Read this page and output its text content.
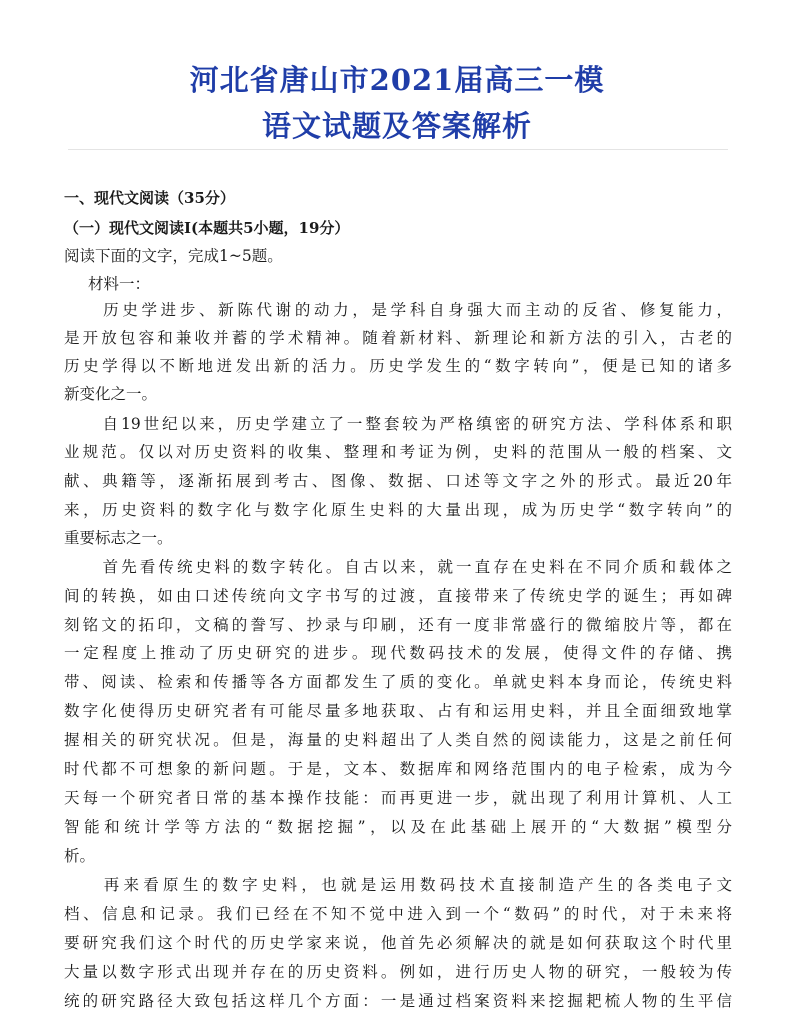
河北省唐山市2021届高三一模
语文试题及答案解析
一、现代文阅读（35分）
（一）现代文阅读Ⅰ(本题共5小题，19分）
阅读下面的文字，完成1~5题。
材料一：
　历史学进步、新陈代谢的动力，是学科自身强大而主动的反省、修复能力，
是开放包容和兼收并蓄的学术精神。随着新材料、新理论和新方法的引入，古老的
历史学得以不断地迸发出新的活力。历史学发生的“数字转向”，便是已知的诸多
新变化之一。
　自19世纪以来，历史学建立了一整套较为严格缜密的研究方法、学科体系和职
业规范。仅以对历史资料的收集、整理和考证为例，史料的范围从一般的档案、文
献、典籍等，逐渐拓展到考古、图像、数据、口述等文字之外的形式。最近20年
来，历史资料的数字化与数字化原生史料的大量出现，成为历史学“数字转向”的
重要标志之一。
　首先看传统史料的数字转化。自古以来，就一直存在史料在不同介质和载体之
间的转换，如由口述传统向文字书写的过渡，直接带来了传统史学的诞生；再如碑
刻铭文的拓印，文稿的誊写、抄录与印刷，还有一度非常盛行的微缩胶片等，都在
一定程度上推动了历史研究的进步。现代数码技术的发展，使得文件的存储、携
带、阅读、检索和传播等各方面都发生了质的变化。单就史料本身而论，传统史料
数字化使得历史研究者有可能尽量多地获取、占有和运用史料，并且全面细致地掌
握相关的研究状况。但是，海量的史料超出了人类自然的阅读能力，这是之前任何
时代都不可想象的新问题。于是，文本、数据库和网络范围内的电子检索，成为今
天每一个研究者日常的基本操作技能：而再更进一步，就出现了利用计算机、人工
智能和统计学等方法的“数据挖掘”，以及在此基础上展开的“大数据”模型分
析。
　再来看原生的数字史料，也就是运用数码技术直接制造产生的各类电子文
档、信息和记录。我们已经在不知不觉中进入到一个“数码”的时代，对于未来将
要研究我们这个时代的历史学家来说，他首先必须解决的就是如何获取这个时代里
大量以数字形式出现并存在的历史资料。例如，进行历史人物的研究，一般较为传
统的研究路径大致包括这样几个方面：一是通过档案资料来挖掘耙梳人物的生平信
